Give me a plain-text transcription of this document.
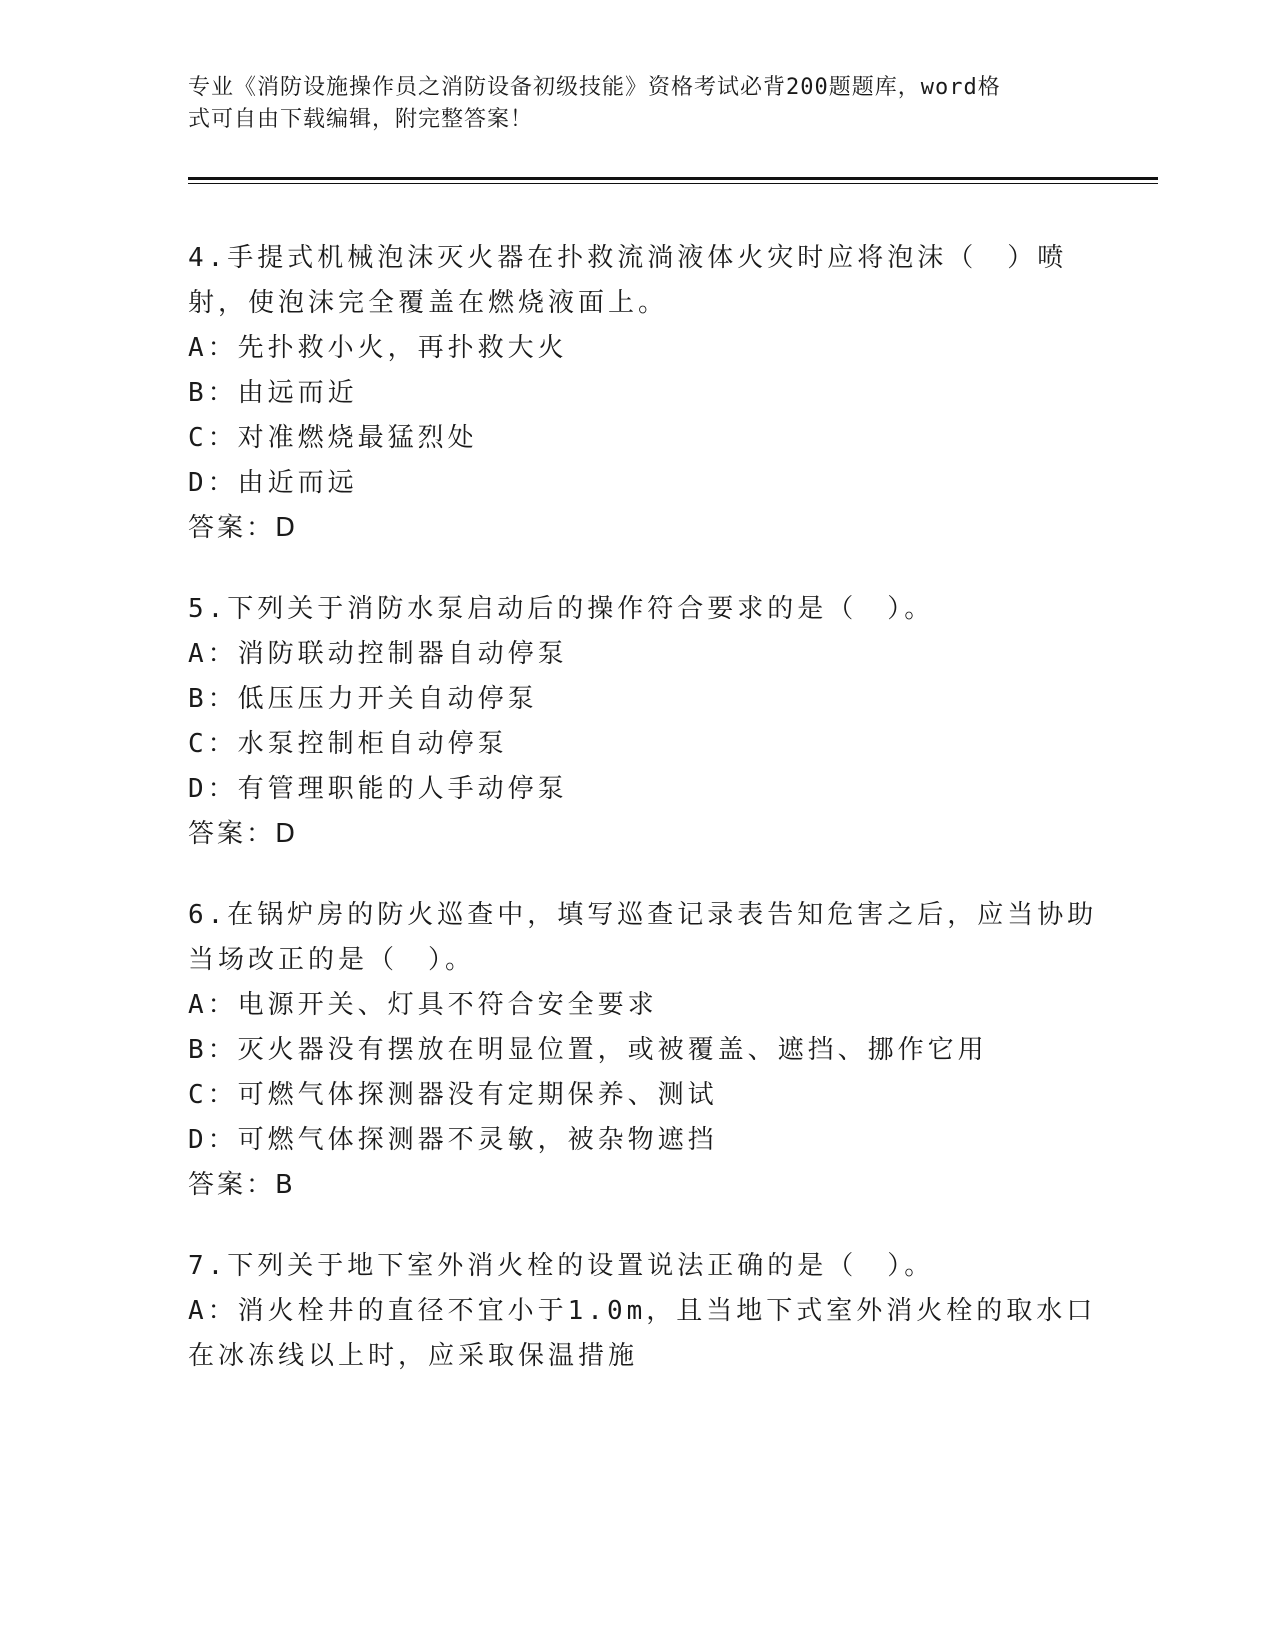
专业《消防设施操作员之消防设备初级技能》资格考试必背200题题库，word格
式可自由下载编辑，附完整答案！

4.手提式机械泡沫灭火器在扑救流淌液体火灾时应将泡沫（　）喷射，使泡沫完全覆盖在燃烧液面上。

A：先扑救小火，再扑救大火

B：由远而近

C：对准燃烧最猛烈处

D：由近而远

答案：D

5.下列关于消防水泵启动后的操作符合要求的是（　）。

A：消防联动控制器自动停泵

B：低压压力开关自动停泵

C：水泵控制柜自动停泵

D：有管理职能的人手动停泵

答案：D

6.在锅炉房的防火巡查中，填写巡查记录表告知危害之后，应当协助当场改正的是（　）。

A：电源开关、灯具不符合安全要求

B：灭火器没有摆放在明显位置，或被覆盖、遮挡、挪作它用

C：可燃气体探测器没有定期保养、测试

D：可燃气体探测器不灵敏，被杂物遮挡

答案：B

7.下列关于地下室外消火栓的设置说法正确的是（　）。

A：消火栓井的直径不宜小于1.0m，且当地下式室外消火栓的取水口在冰冻线以上时，应采取保温措施
